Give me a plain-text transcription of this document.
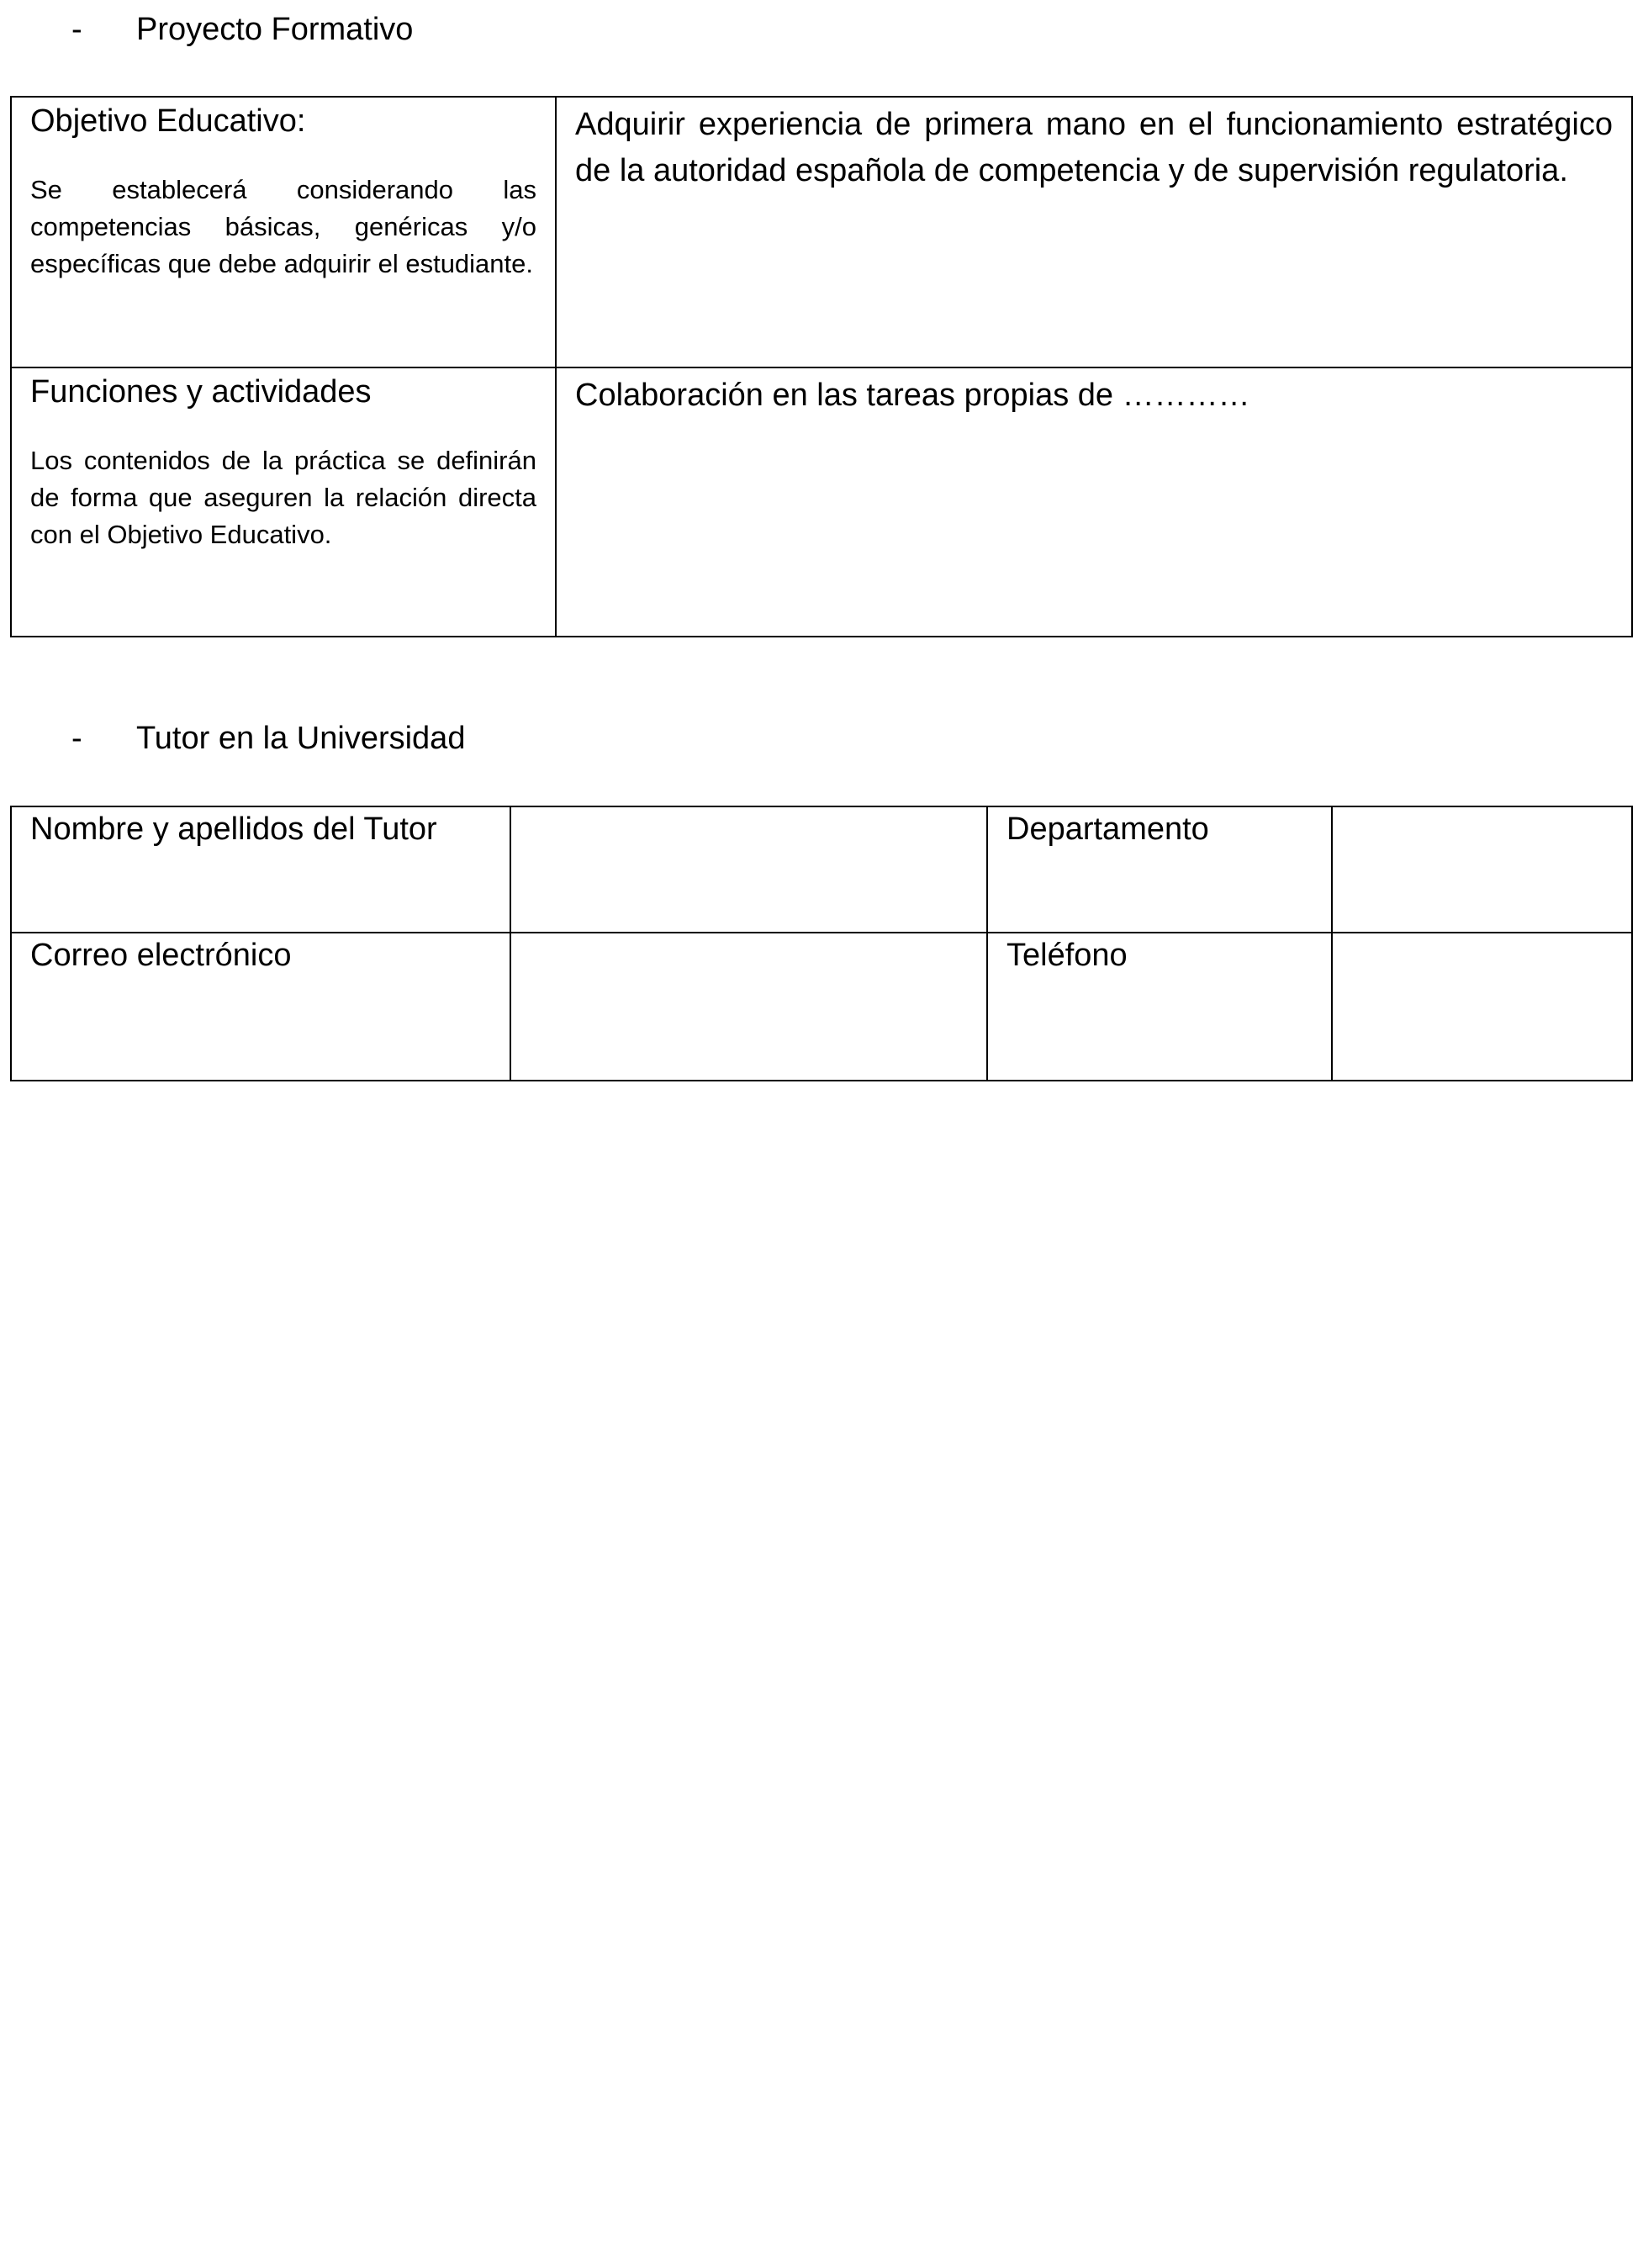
- Proyecto Formativo
Objetivo Educativo:
Se establecerá considerando las competencias básicas, genéricas y/o específicas que debe adquirir el estudiante.	Adquirir experiencia de primera mano en el funcionamiento estratégico de la autoridad española de competencia y de supervisión regulatoria.

Funciones y actividades
Los contenidos de la práctica se definirán de forma que aseguren la relación directa con el Objetivo Educativo.	Colaboración en las tareas propias de …………
- Tutor en la Universidad
Nombre y apellidos del Tutor		Departamento	
Correo electrónico		Teléfono	
